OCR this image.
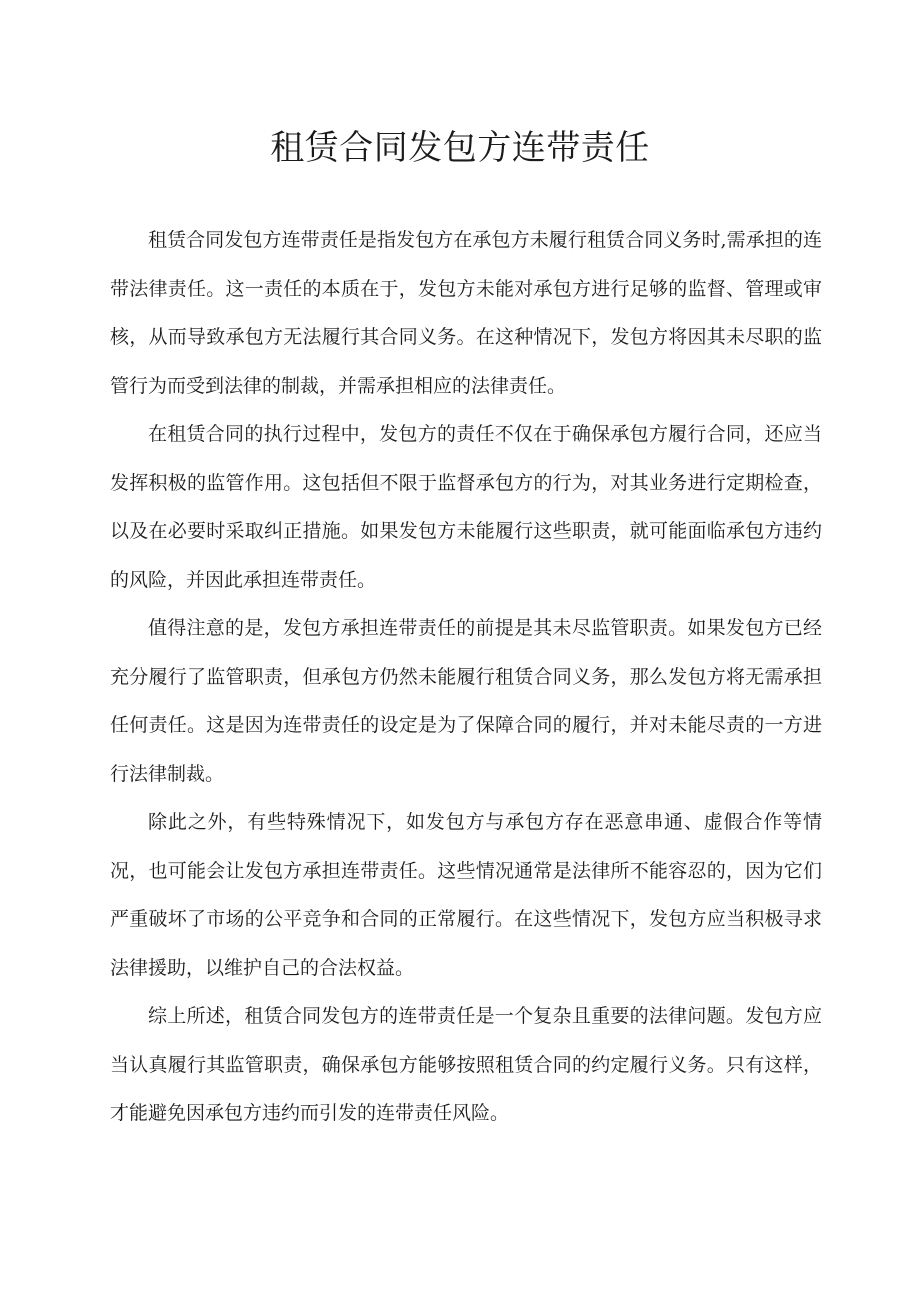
租赁合同发包方连带责任

租赁合同发包方连带责任是指发包方在承包方未履行租赁合同义务时,需承担的连带法律责任。这一责任的本质在于，发包方未能对承包方进行足够的监督、管理或审核，从而导致承包方无法履行其合同义务。在这种情况下，发包方将因其未尽职的监管行为而受到法律的制裁，并需承担相应的法律责任。

在租赁合同的执行过程中，发包方的责任不仅在于确保承包方履行合同，还应当发挥积极的监管作用。这包括但不限于监督承包方的行为，对其业务进行定期检查，以及在必要时采取纠正措施。如果发包方未能履行这些职责，就可能面临承包方违约的风险，并因此承担连带责任。

值得注意的是，发包方承担连带责任的前提是其未尽监管职责。如果发包方已经充分履行了监管职责，但承包方仍然未能履行租赁合同义务，那么发包方将无需承担任何责任。这是因为连带责任的设定是为了保障合同的履行，并对未能尽责的一方进行法律制裁。

除此之外，有些特殊情况下，如发包方与承包方存在恶意串通、虚假合作等情况，也可能会让发包方承担连带责任。这些情况通常是法律所不能容忍的，因为它们严重破坏了市场的公平竞争和合同的正常履行。在这些情况下，发包方应当积极寻求法律援助，以维护自己的合法权益。

综上所述，租赁合同发包方的连带责任是一个复杂且重要的法律问题。发包方应当认真履行其监管职责，确保承包方能够按照租赁合同的约定履行义务。只有这样，才能避免因承包方违约而引发的连带责任风险。
